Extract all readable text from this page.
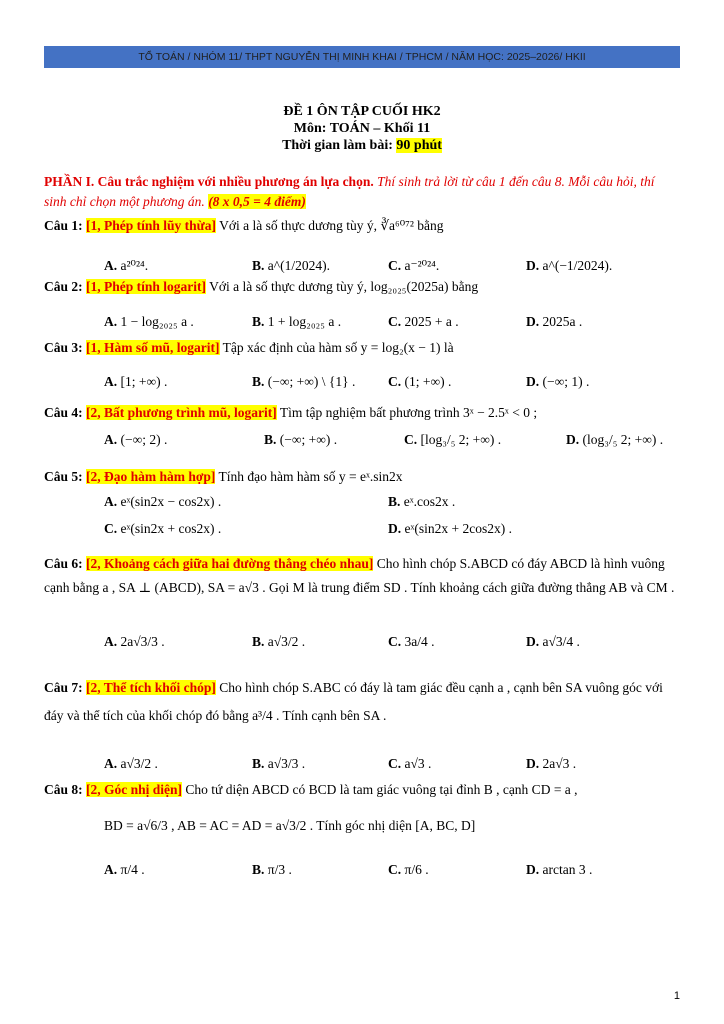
TỔ TOÁN / NHÓM 11/ THPT NGUYỄN THỊ MINH KHAI / TPHCM / NĂM HỌC: 2025–2026/ HKII
ĐỀ 1 ÔN TẬP CUỐI HK2
Môn: TOÁN – Khối 11
Thời gian làm bài: 90 phút
PHẦN I. Câu trắc nghiệm với nhiều phương án lựa chọn. Thí sinh trả lời từ câu 1 đến câu 8. Mỗi câu hỏi, thí sinh chỉ chọn một phương án. (8 x 0,5 = 4 điểm)
Câu 1: [1, Phép tính lũy thừa] Với a là số thực dương tùy ý, ∛a⁶⁰⁷² bằng
A. a²⁰²⁴.	B. a^(1/2024).	C. a⁻²⁰²⁴.	D. a^(−1/2024).
Câu 2: [1, Phép tính logarit] Với a là số thực dương tùy ý, log₂₀₂₅(2025a) bằng
A. 1 − log₂₀₂₅ a .	B. 1 + log₂₀₂₅ a .	C. 2025 + a .	D. 2025a .
Câu 3: [1, Hàm số mũ, logarit] Tập xác định của hàm số y = log₂(x − 1) là
A. [1; +∞) .	B. (−∞; +∞) \ {1} . C. (1; +∞) .	D. (−∞; 1) .
Câu 4: [2, Bất phương trình mũ, logarit] Tìm tập nghiệm bất phương trình 3ˣ − 2.5ˣ < 0 ;
A. (−∞; 2) .	B. (−∞; +∞) .	C. [log₃/₅ 2; +∞) .	D. (log₃/₅ 2; +∞) .
Câu 5: [2, Đạo hàm hàm hợp] Tính đạo hàm hàm số y = eˣ.sin2x
A. eˣ(sin2x − cos2x) .	B. eˣ.cos2x .
C. eˣ(sin2x + cos2x) .	D. eˣ(sin2x + 2cos2x) .
Câu 6: [2, Khoảng cách giữa hai đường thẳng chéo nhau] Cho hình chóp S.ABCD có đáy ABCD là hình vuông cạnh bằng a , SA ⊥ (ABCD), SA = a√3 . Gọi M là trung điểm SD . Tính khoảng cách giữa đường thẳng AB và CM .
A. 2a√3/3 .	B. a√3/2 .	C. 3a/4 .	D. a√3/4 .
Câu 7: [2, Thể tích khối chóp] Cho hình chóp S.ABC có đáy là tam giác đều cạnh a , cạnh bên SA vuông góc với đáy và thể tích của khối chóp đó bằng a³/4 . Tính cạnh bên SA .
A. a√3/2 .	B. a√3/3 .	C. a√3 .	D. 2a√3 .
Câu 8: [2, Góc nhị diện] Cho tứ diện ABCD có BCD là tam giác vuông tại đỉnh B , cạnh CD = a ,
BD = a√6/3 , AB = AC = AD = a√3/2 . Tính góc nhị diện [A, BC, D]
A. π/4 .	B. π/3 .	C. π/6 .	D. arctan 3 .
1
